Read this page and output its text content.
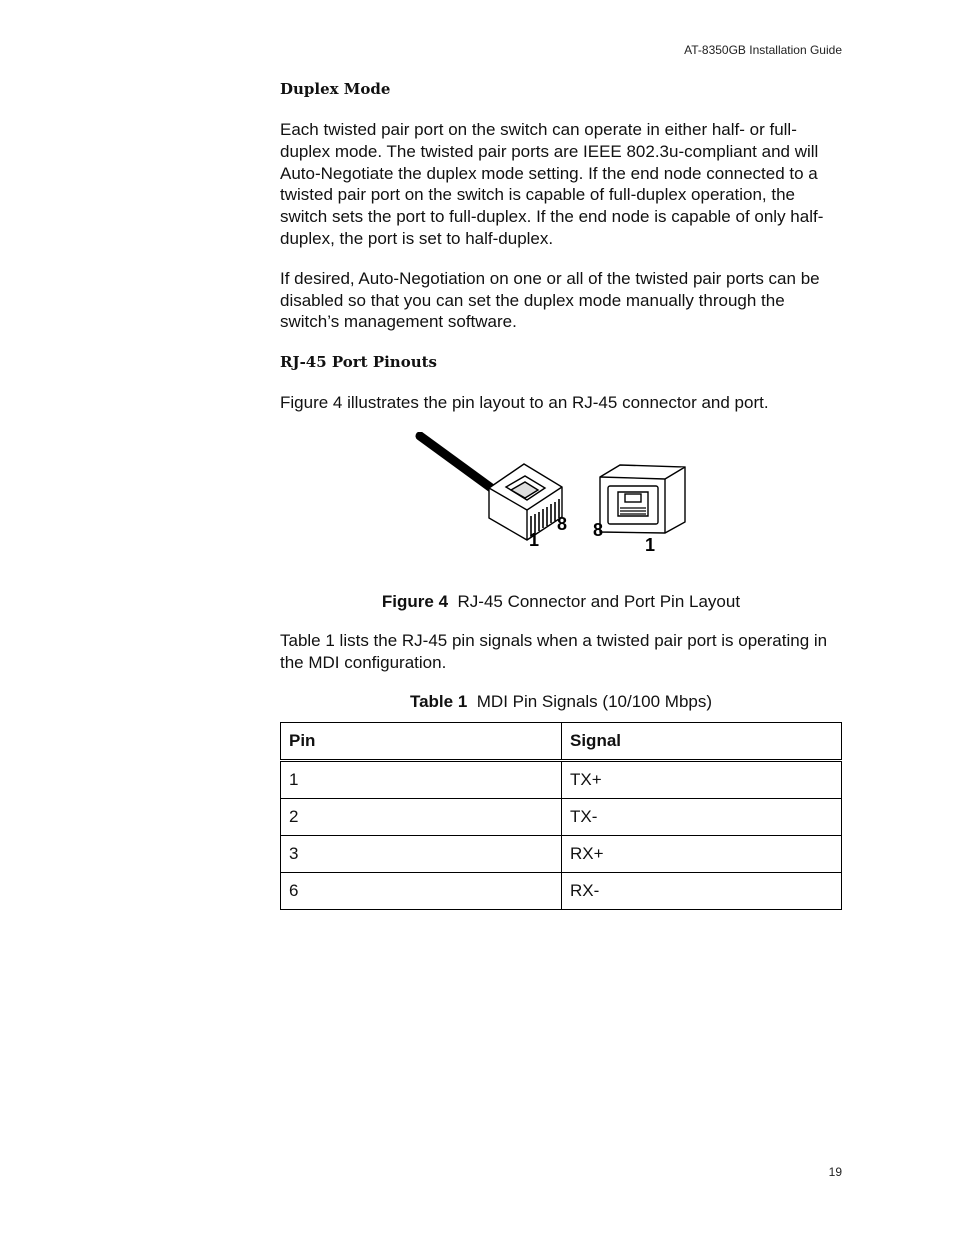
AT-8350GB Installation Guide
Duplex Mode

Each twisted pair port on the switch can operate in either half- or full-duplex mode. The twisted pair ports are IEEE 802.3u-compliant and will Auto-Negotiate the duplex mode setting. If the end node connected to a twisted pair port on the switch is capable of full-duplex operation, the switch sets the port to full-duplex. If the end node is capable of only half-duplex, the port is set to half-duplex.

If desired, Auto-Negotiation on one or all of the twisted pair ports can be disabled so that you can set the duplex mode manually through the switch’s management software.

RJ-45 Port Pinouts

Figure 4 illustrates the pin layout to an RJ-45 connector and port.

1
8 8
1
Figure 4 RJ-45 Connector and Port Pin Layout

Table 1 lists the RJ-45 pin signals when a twisted pair port is operating in the MDI configuration.

Table 1 MDI Pin Signals (10/100 Mbps)
Pin	Signal
1	TX+
2	TX-
3	RX+
6	RX-
19
